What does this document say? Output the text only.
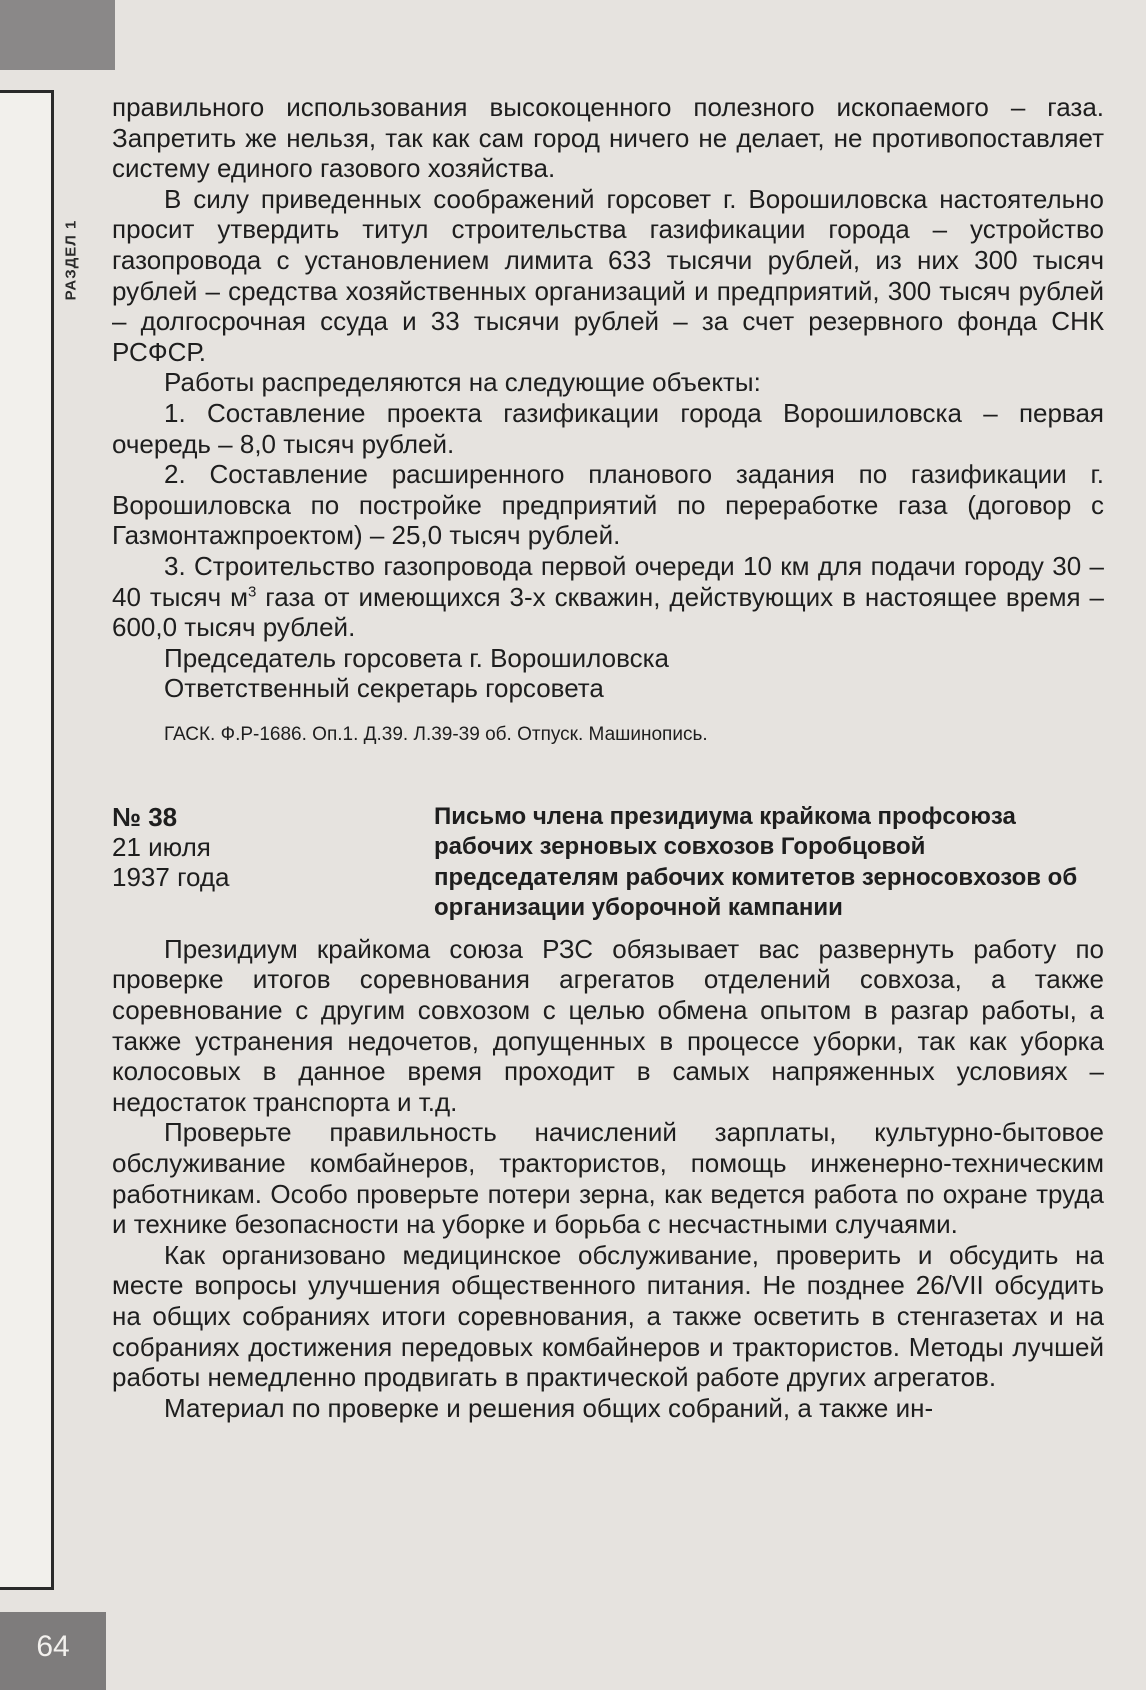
РАЗДЕЛ 1
64

правильного использования высокоценного полезного ископаемого – газа. Запретить же нельзя, так как сам город ничего не делает, не противопоставляет систему единого газового хозяйства.

В силу приведенных соображений горсовет г. Ворошиловска настоятельно просит утвердить титул строительства газификации города – устройство газопровода с установлением лимита 633 тысячи рублей, из них 300 тысяч рублей – средства хозяйственных организаций и предприятий, 300 тысяч рублей – долгосрочная ссуда и 33 тысячи рублей – за счет резервного фонда СНК РСФСР.

Работы распределяются на следующие объекты:

1. Составление проекта газификации города Ворошиловска – первая очередь – 8,0 тысяч рублей.

2. Составление расширенного планового задания по газификации г. Ворошиловска по постройке предприятий по переработке газа (договор с Газмонтажпроектом) – 25,0 тысяч рублей.

3. Строительство газопровода первой очереди 10 км для подачи городу 30 – 40 тысяч $м^3$ газа от имеющихся 3-х скважин, действующих в настоящее время – 600,0 тысяч рублей.

Председатель горсовета г. Ворошиловска

Ответственный секретарь горсовета

ГАСК. Ф.Р-1686. Оп.1. Д.39. Л.39-39 об. Отпуск. Машинопись.

№ 38
21 июля
1937 года
Письмо члена президиума крайкома профсоюза рабочих зерновых совхозов Горобцовой председателям рабочих комитетов зерносовхозов об организации уборочной кампании

Президиум крайкома союза РЗС обязывает вас развернуть работу по проверке итогов соревнования агрегатов отделений совхоза, а также соревнование с другим совхозом с целью обмена опытом в разгар работы, а также устранения недочетов, допущенных в процессе уборки, так как уборка колосовых в данное время проходит в самых напряженных условиях – недостаток транспорта и т.д.

Проверьте правильность начислений зарплаты, культурно-бытовое обслуживание комбайнеров, трактористов, помощь инженерно-техническим работникам. Особо проверьте потери зерна, как ведется работа по охране труда и технике безопасности на уборке и борьба с несчастными случаями.

Как организовано медицинское обслуживание, проверить и обсудить на месте вопросы улучшения общественного питания. Не позднее 26/VII обсудить на общих собраниях итоги соревнования, а также осветить в стенгазетах и на собраниях достижения передовых комбайнеров и трактористов. Методы лучшей работы немедленно продвигать в практической работе других агрегатов.

Материал по проверке и решения общих собраний, а также ин-
